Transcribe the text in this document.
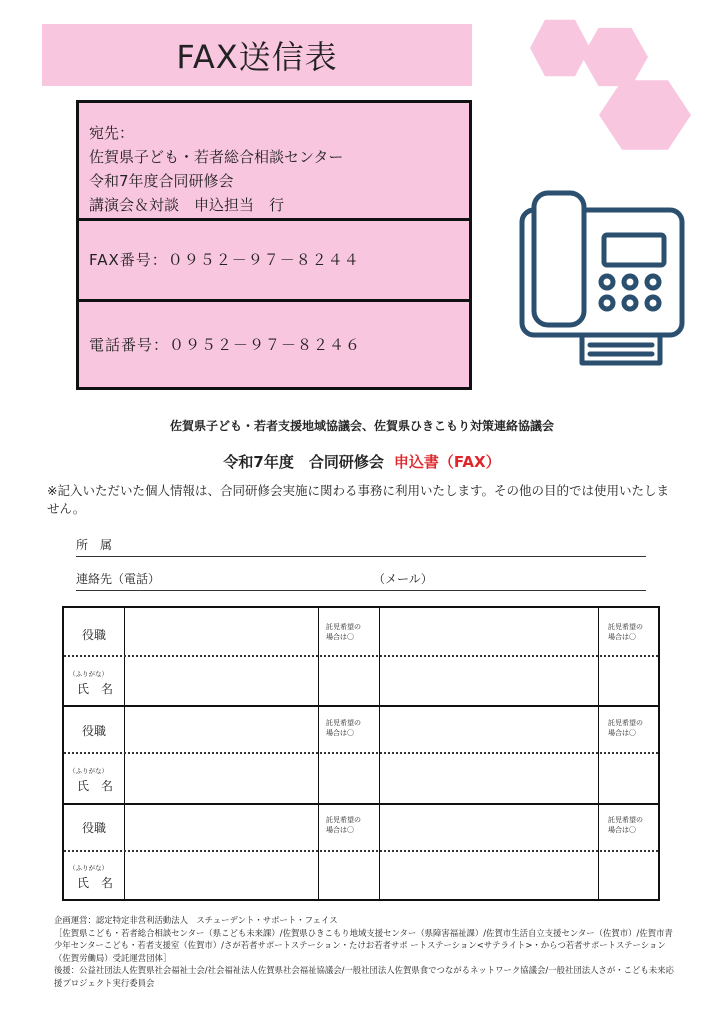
FAX送信表
宛先：
佐賀県子ども・若者総合相談センター
令和7年度合同研修会
講演会＆対談　申込担当　行
FAX番号：０９５２－９７－８２４４
電話番号：０９５２－９７－８２４６
佐賀県子ども・若者支援地域協議会、佐賀県ひきこもり対策連絡協議会
令和7年度　合同研修会 申込書（FAX）
※記入いただいた個人情報は、合同研修会実施に関わる事務に利用いたします。その他の目的では使用いたしません。
所　属
連絡先（電話）	（メール）
役職
託児希望の
場合は〇
託児希望の
場合は〇
（ふりがな）
氏　名
役職
託児希望の
場合は〇
託児希望の
場合は〇
（ふりがな）
氏　名
役職
託児希望の
場合は〇
託児希望の
場合は〇
（ふりがな）
氏　名
企画運営：認定特定非営利活動法人　スチューデント・サポート・フェイス
［佐賀県こども・若者総合相談センター（県こども未来課）/佐賀県ひきこもり地域支援センター（県障害福祉課）/佐賀市生活自立支援センター（佐賀市）/佐賀市青少年センターこども・若者支援室（佐賀市）/さが若者サポートステーション・たけお若者サポ ートステーション<サテライト>・からつ若者サポートステーション（佐賀労働局）受託運営団体］
後援：公益社団法人佐賀県社会福祉士会/社会福祉法人佐賀県社会福祉協議会/一般社団法人佐賀県食でつながるネットワーク協議会/一般社団法人さが・こども未来応援プロジェクト実行委員会
